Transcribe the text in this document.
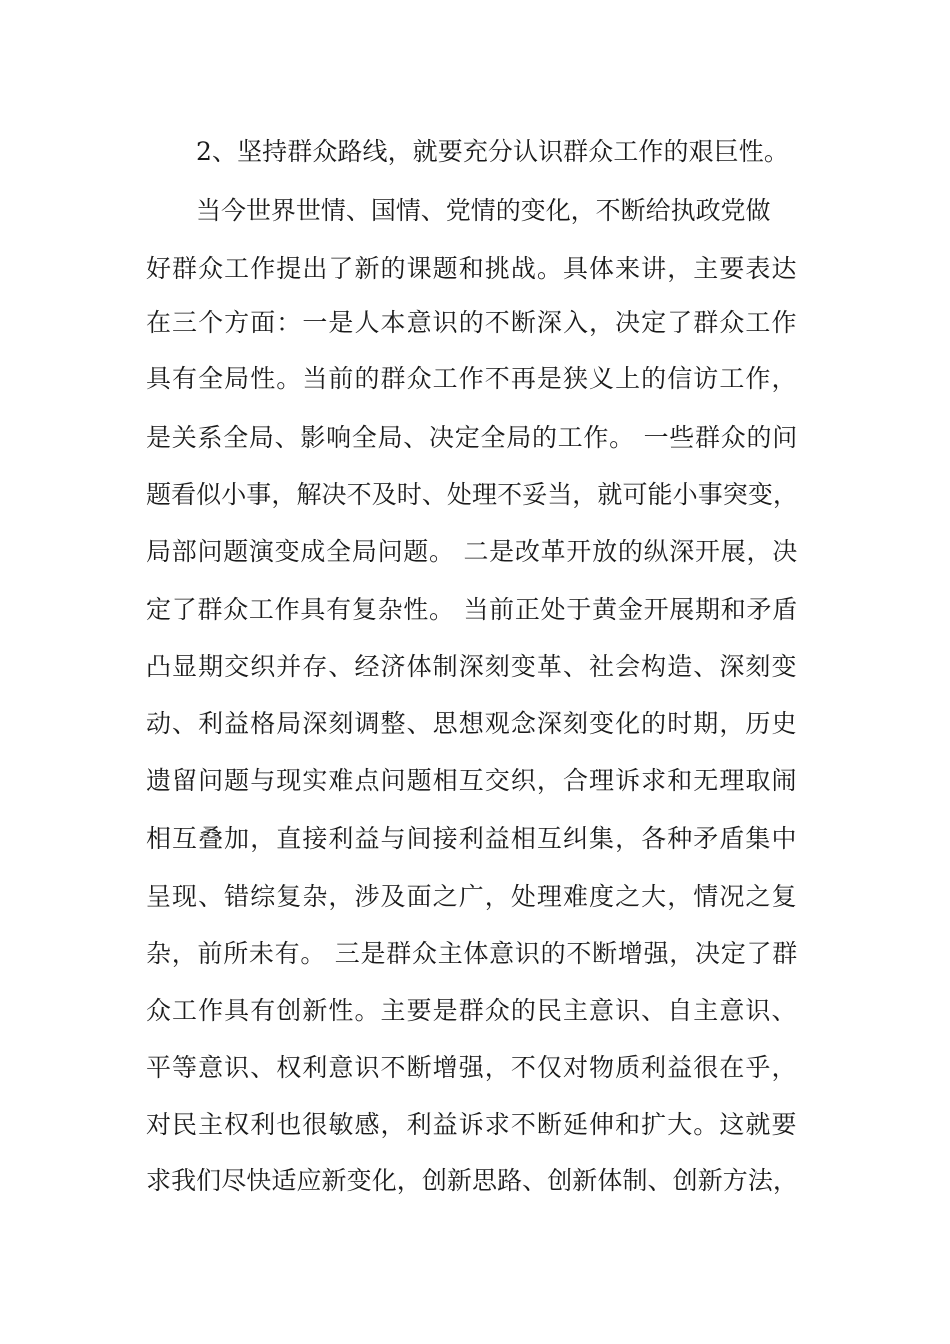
2、坚持群众路线，就要充分认识群众工作的艰巨性。
当今世界世情、国情、党情的变化，不断给执政党做
好群众工作提出了新的课题和挑战。具体来讲，主要表达
在三个方面：一是人本意识的不断深入，决定了群众工作
具有全局性。当前的群众工作不再是狭义上的信访工作，
是关系全局、影响全局、决定全局的工作。 一些群众的问
题看似小事，解决不及时、处理不妥当，就可能小事突变，
局部问题演变成全局问题。 二是改革开放的纵深开展，决
定了群众工作具有复杂性。 当前正处于黄金开展期和矛盾
凸显期交织并存、经济体制深刻变革、社会构造、深刻变
动、利益格局深刻调整、思想观念深刻变化的时期，历史
遗留问题与现实难点问题相互交织，合理诉求和无理取闹
相互叠加，直接利益与间接利益相互纠集，各种矛盾集中
呈现、错综复杂，涉及面之广，处理难度之大，情况之复
杂，前所未有。 三是群众主体意识的不断增强，决定了群
众工作具有创新性。主要是群众的民主意识、自主意识、
平等意识、权利意识不断增强，不仅对物质利益很在乎，
对民主权利也很敏感，利益诉求不断延伸和扩大。这就要
求我们尽快适应新变化，创新思路、创新体制、创新方法，
